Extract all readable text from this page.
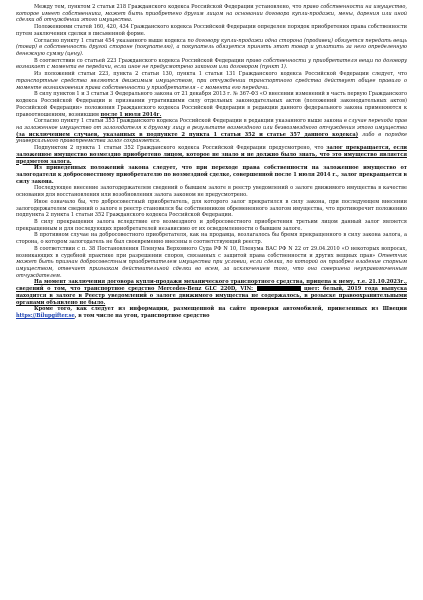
Между тем, пунктом 2 статьи 218 Гражданского кодекса Российской Федерации установлено, что право собственности на имущество, которое имеет собственника, может быть приобретено другим лицом на основании договора купли-продажи, мены, дарения или иной сделки об отчуждении этого имущества.

Положениями статей 160, 420, 434 Гражданского кодекса Российской Федерации определен порядок приобретения права собственности путем заключения сделки в письменной форме.

Согласно пункту 1 статьи 454 указанного выше кодекса по договору купли-продажи одна сторона (продавец) обязуется передать вещь (товар) в собственность другой стороне (покупателю), а покупатель обязуется принять этот товар и уплатить за него определенную денежную сумму (цену).

В соответствии со статьей 223 Гражданского кодекса Российской Федерации право собственности у приобретателя вещи по договору возникает с момента ее передачи, если иное не предусмотрено законом или договором (пункт 1).

Из положений статьи 223, пункта 2 статьи 130, пункта 1 статьи 131 Гражданского кодекса Российской Федерации следует, что транспортные средства являются движимым имуществом, при отчуждении транспортного средства действует общее правило о моменте возникновения права собственности у приобретателя - с момента его передачи.

В силу пунктов 1 и 3 статьи 3 Федерального закона от 21 декабря 2013 г. № 367-ФЗ «О внесении изменений в часть первую Гражданского кодекса Российской Федерации и признании утратившими силу отдельных законодательных актов (положений законодательных актов) Российской Федерации» положения Гражданского кодекса Российской Федерации в редакции данного федерального закона применяются к правоотношениям, возникшим после 1 июля 2014г.

Согласно пункту 1 статьи 353 Гражданского кодекса Российской Федерации в редакции указанного выше закона в случае перехода прав на заложенное имущество от залогодателя к другому лицу в результате возмездного или безвозмездного отчуждения этого имущества (за исключением случаев, указанных в подпункте 2 пункта 1 статьи 352 и статье 357 данного кодекса) либо в порядке универсального правопреемства залог сохраняется.

Подпунктом 2 пункта 1 статьи 352 Гражданского кодекса Российской Федерации предусмотрено, что залог прекращается, если заложенное имущество возмездно приобретено лицом, которое не знало и не должно было знать, что это имущество является предметом залога.

Из приведенных положений закона следует, что при переходе права собственности на заложенное имущество от залогодателя к добросовестному приобретателю по возмездной сделке, совершенной после 1 июля 2014 г., залог прекращается в силу закона.

Последующее внесение залогодержателем сведений о бывшем залоге в реестр уведомлений о залоге движимого имущества в качестве основания для восстановления или возобновления залога законом не предусмотрено.

Иное означало бы, что добросовестный приобретатель, для которого залог прекратился в силу закона, при последующем внесении залогодержателем сведений о залоге в реестр становился бы собственником обремененного залогом имущества, что противоречит положению подпункта 2 пункта 1 статьи 352 Гражданского кодекса Российской Федерации.

В силу прекращения залога вследствие его возмездного и добросовестного приобретения третьим лицом данный залог является прекращенным и для последующих приобретателей независимо от их осведомленности о бывшем залоге.

В противном случае на добросовестного приобретателя, как на продавца, возлагалось бы бремя прекращенного в силу закона залога, а сторона, о котором залогодатель не был своевременно внесены в соответствующий реестр.

В соответствии с п. 38 Постановления Пленума Верховного Суда РФ N 10, Пленума ВАС РФ N 22 от 29.04.2010 «О некоторых вопросах, возникающих в судебной практике при разрешении споров, связанных с защитой права собственности и других вещных прав» Ответчик может быть признан добросовестным приобретателем имущества при условии, если сделка, по которой он приобрел владение спорным имуществом, отвечает признакам действительной сделки во всем, за исключением того, что она совершена неуправомоченным отчуждателем.

На момент заключения договора купли-продажи механического транспортного средства, прицепа к нему, т.е. 21.10.2023г., сведений о том, что транспортное средство Mercedes-Benz GLC 220D, VIN:	цвет: белый, 2019 года выпуска находится в залоге в Реестр уведомлений о залоге движимого имущества не содержалось, в розыске правоохранительными органами объявлено не было.

Кроме того, как следует из информации, размещенной на сайте проверки автомобилей, привезенных из Швеции https://Bilupgifter.se, в том числе на угон, транспортное средство
